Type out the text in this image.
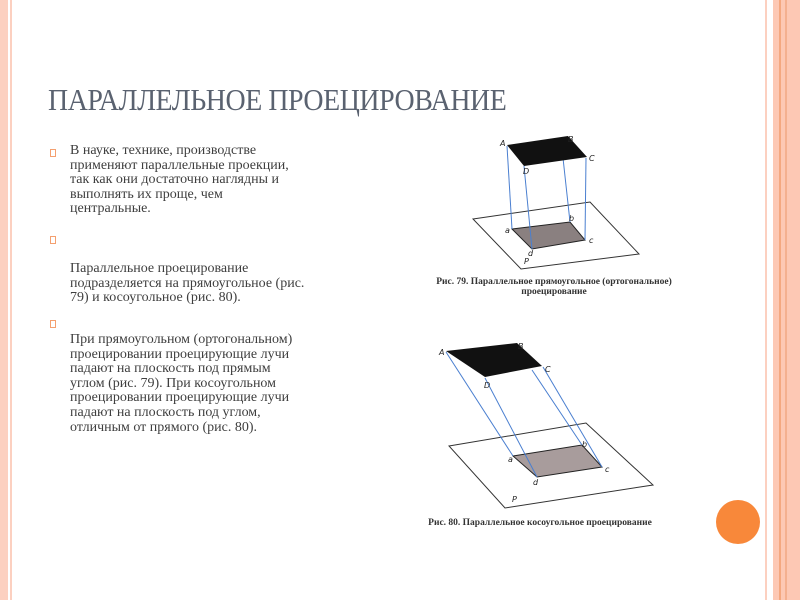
ПАРАЛЛЕЛЬНОЕ ПРОЕЦИРОВАНИЕ
В науке, технике, производстве
применяют параллельные проекции,
так как они достаточно наглядны и
выполнять их проще, чем
центральные.
Параллельное проецирование
подразделяется на прямоугольное (рис.
79) и косоугольное (рис. 80).
При прямоугольном (ортогональном)
проецировании проецирующие лучи
падают на плоскость под прямым
углом (рис. 79). При косоугольном
проецировании проецирующие лучи
падают на плоскость под углом,
отличным от прямого (рис. 80).
A	B
C
D
a
b
c
d
P
A
B
C
D
a
b
c
d
P
Рис. 79. Параллельное прямоугольное (ортогональное)
проецирование
Рис. 80. Параллельное косоугольное проецирование
